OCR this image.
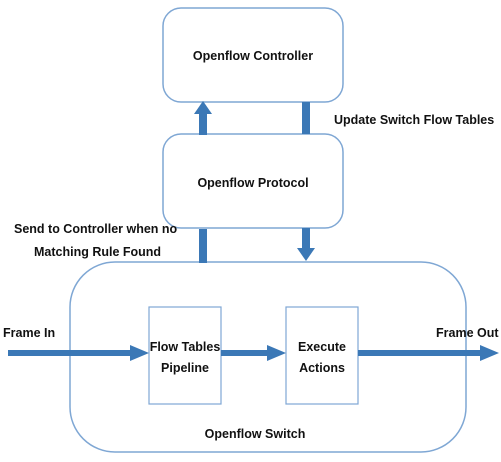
Openflow Controller
Openflow Protocol
Openflow Switch
Flow Tables
Pipeline
Execute
Actions
Update Switch Flow Tables
Send to Controller when no
Matching Rule Found
Frame In	Frame Out
